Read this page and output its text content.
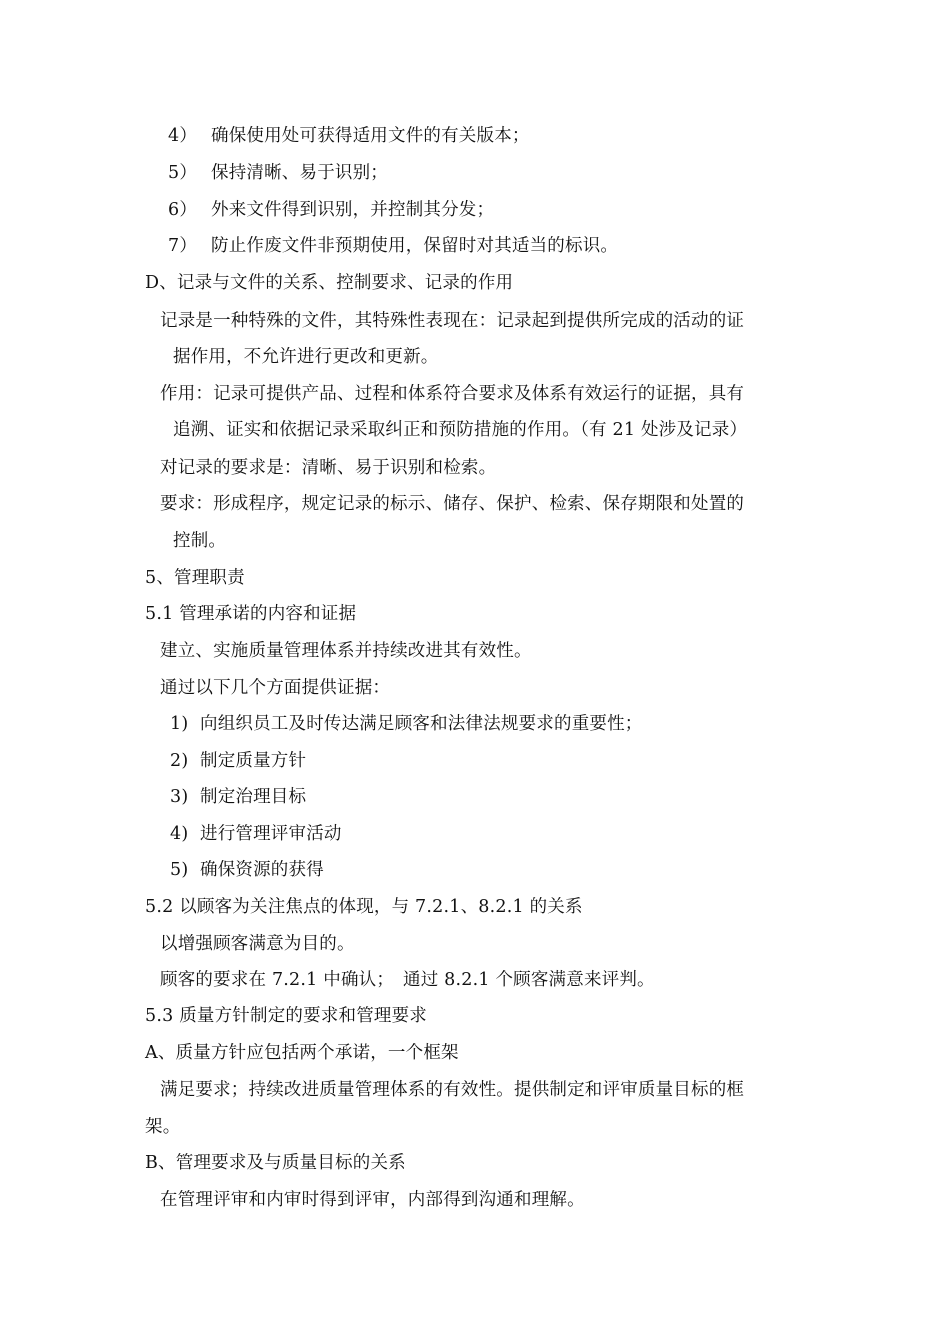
4） 确保使用处可获得适用文件的有关版本；
5） 保持清晰、易于识别；
6） 外来文件得到识别，并控制其分发；
7） 防止作废文件非预期使用，保留时对其适当的标识。
D、记录与文件的关系、控制要求、记录的作用
记录是一种特殊的文件，其特殊性表现在：记录起到提供所完成的活动的证
据作用，不允许进行更改和更新。
作用：记录可提供产品、过程和体系符合要求及体系有效运行的证据，具有
追溯、证实和依据记录采取纠正和预防措施的作用。（有 21 处涉及记录）
对记录的要求是：清晰、易于识别和检索。
要求：形成程序，规定记录的标示、储存、保护、检索、保存期限和处置的
控制。
5、管理职责
5.1 管理承诺的内容和证据
建立、实施质量管理体系并持续改进其有效性。
通过以下几个方面提供证据：
1) 向组织员工及时传达满足顾客和法律法规要求的重要性；
2) 制定质量方针
3) 制定治理目标
4) 进行管理评审活动
5) 确保资源的获得
5.2 以顾客为关注焦点的体现，与 7.2.1、8.2.1 的关系
以增强顾客满意为目的。
顾客的要求在 7.2.1 中确认；　通过 8.2.1 个顾客满意来评判。
5.3 质量方针制定的要求和管理要求
A、质量方针应包括两个承诺，一个框架
满足要求；持续改进质量管理体系的有效性。提供制定和评审质量目标的框
架。
B、管理要求及与质量目标的关系
在管理评审和内审时得到评审，内部得到沟通和理解。
